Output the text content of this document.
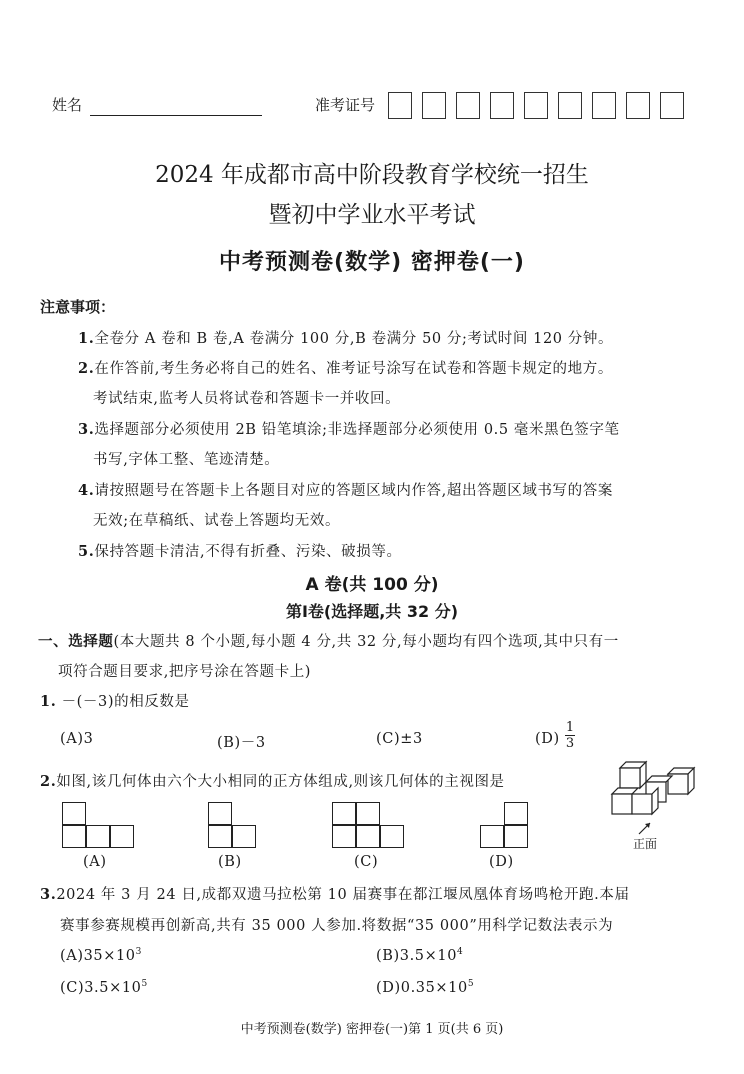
姓名	准考证号
2024 年成都市高中阶段教育学校统一招生
暨初中学业水平考试
中考预测卷(数学) 密押卷(一)
注意事项：
1.全卷分 A 卷和 B 卷,A 卷满分 100 分,B 卷满分 50 分;考试时间 120 分钟。
2.在作答前,考生务必将自己的姓名、准考证号涂写在试卷和答题卡规定的地方。
考试结束,监考人员将试卷和答题卡一并收回。
3.选择题部分必须使用 2B 铅笔填涂;非选择题部分必须使用 0.5 毫米黑色签字笔
书写,字体工整、笔迹清楚。
4.请按照题号在答题卡上各题目对应的答题区域内作答,超出答题区域书写的答案
无效;在草稿纸、试卷上答题均无效。
5.保持答题卡清洁,不得有折叠、污染、破损等。
A 卷(共 100 分)
第Ⅰ卷(选择题,共 32 分)
一、选择题(本大题共 8 个小题,每小题 4 分,共 32 分,每小题均有四个选项,其中只有一
项符合题目要求,把序号涂在答题卡上)
1. －(－3)的相反数是
(A)3	(B)－3	(C)±3	(D)
1
3
2.如图,该几何体由六个大小相同的正方体组成,则该几何体的主视图是
(A)	(B)	(C)	(D)
正面
3.2024 年 3 月 24 日,成都双遗马拉松第 10 届赛事在都江堰凤凰体育场鸣枪开跑.本届
赛事参赛规模再创新高,共有 35 000 人参加.将数据“35 000”用科学记数法表示为
$(A)35\times 10^3$	$(B)3.5\times 10^4$
$(C)3.5\times 10^5$	$(D)0.35\times 10^5$
中考预测卷(数学) 密押卷(一)第 1 页(共 6 页)
